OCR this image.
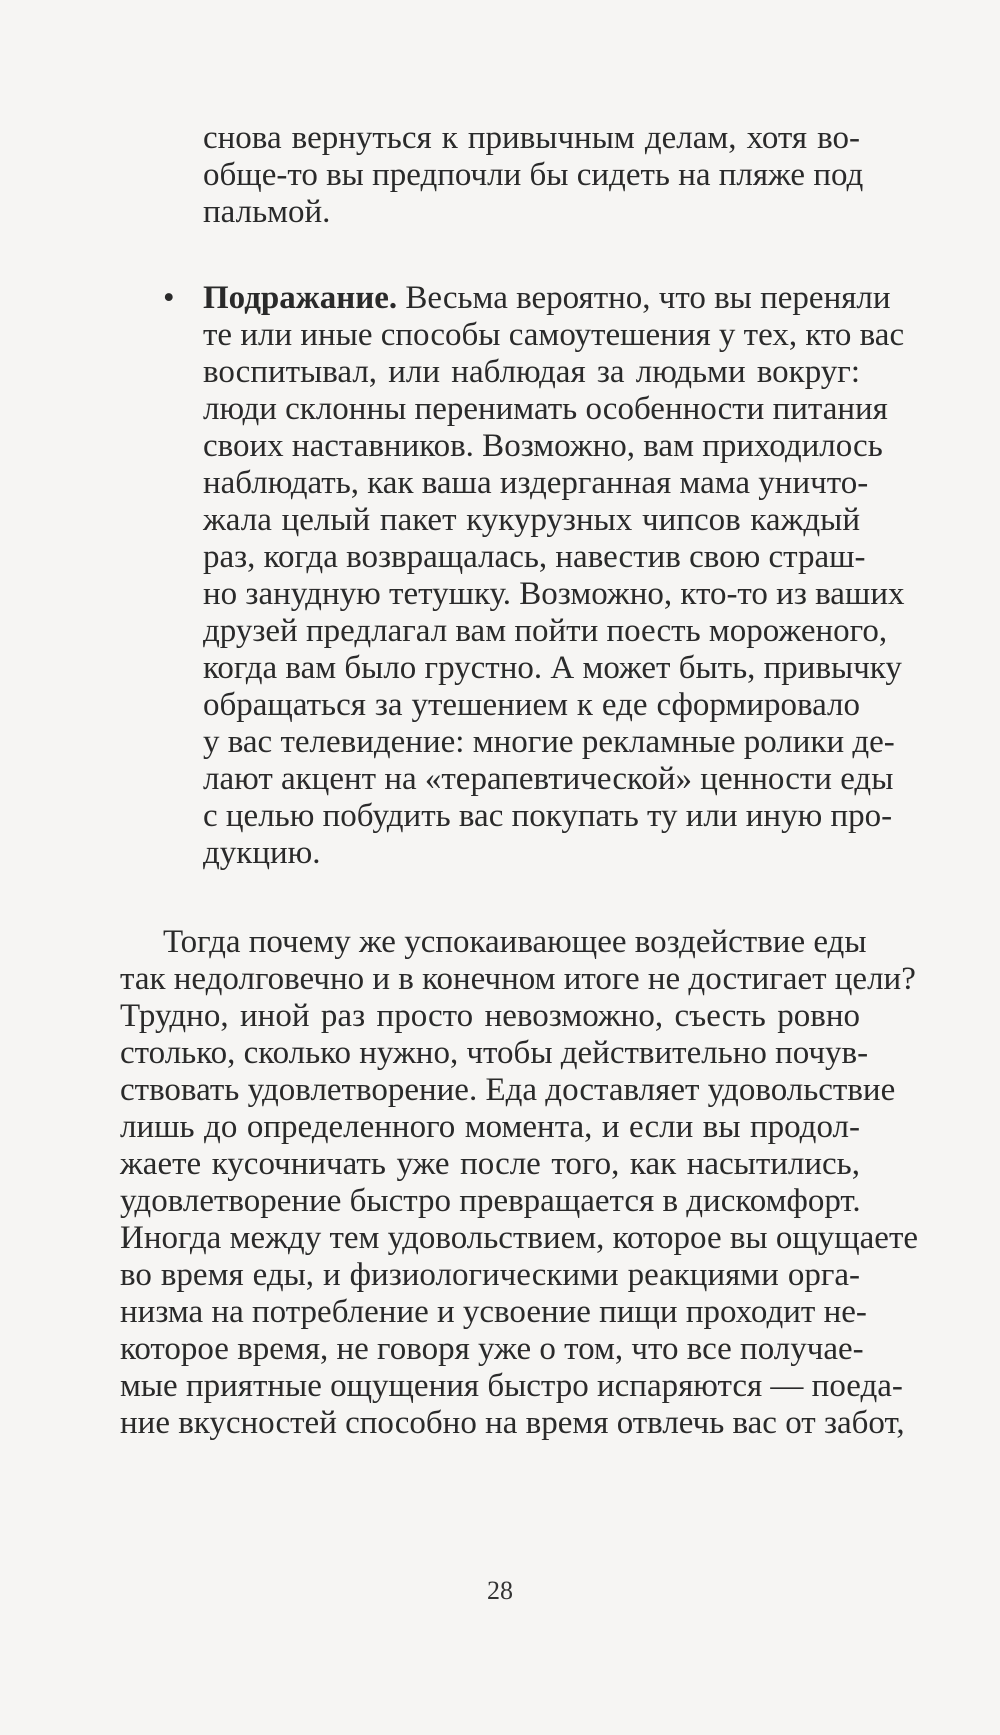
снова вернуться к привычным делам, хотя во-
обще-то вы предпочли бы сидеть на пляже под
пальмой.
• Подражание. Весьма вероятно, что вы переняли
те или иные способы самоутешения у тех, кто вас
воспитывал, или наблюдая за людьми вокруг:
люди склонны перенимать особенности питания
своих наставников. Возможно, вам приходилось
наблюдать, как ваша издерганная мама уничто-
жала целый пакет кукурузных чипсов каждый
раз, когда возвращалась, навестив свою страш-
но занудную тетушку. Возможно, кто-то из ваших
друзей предлагал вам пойти поесть мороженого,
когда вам было грустно. А может быть, привычку
обращаться за утешением к еде сформировало
у вас телевидение: многие рекламные ролики де-
лают акцент на «терапевтической» ценности еды
с целью побудить вас покупать ту или иную про-
дукцию.
Тогда почему же успокаивающее воздействие еды
так недолговечно и в конечном итоге не достигает цели?
Трудно, иной раз просто невозможно, съесть ровно
столько, сколько нужно, чтобы действительно почув-
ствовать удовлетворение. Еда доставляет удовольствие
лишь до определенного момента, и если вы продол-
жаете кусочничать уже после того, как насытились,
удовлетворение быстро превращается в дискомфорт.
Иногда между тем удовольствием, которое вы ощущаете
во время еды, и физиологическими реакциями орга-
низма на потребление и усвоение пищи проходит не-
которое время, не говоря уже о том, что все получае-
мые приятные ощущения быстро испаряются — поеда-
ние вкусностей способно на время отвлечь вас от забот,
28
